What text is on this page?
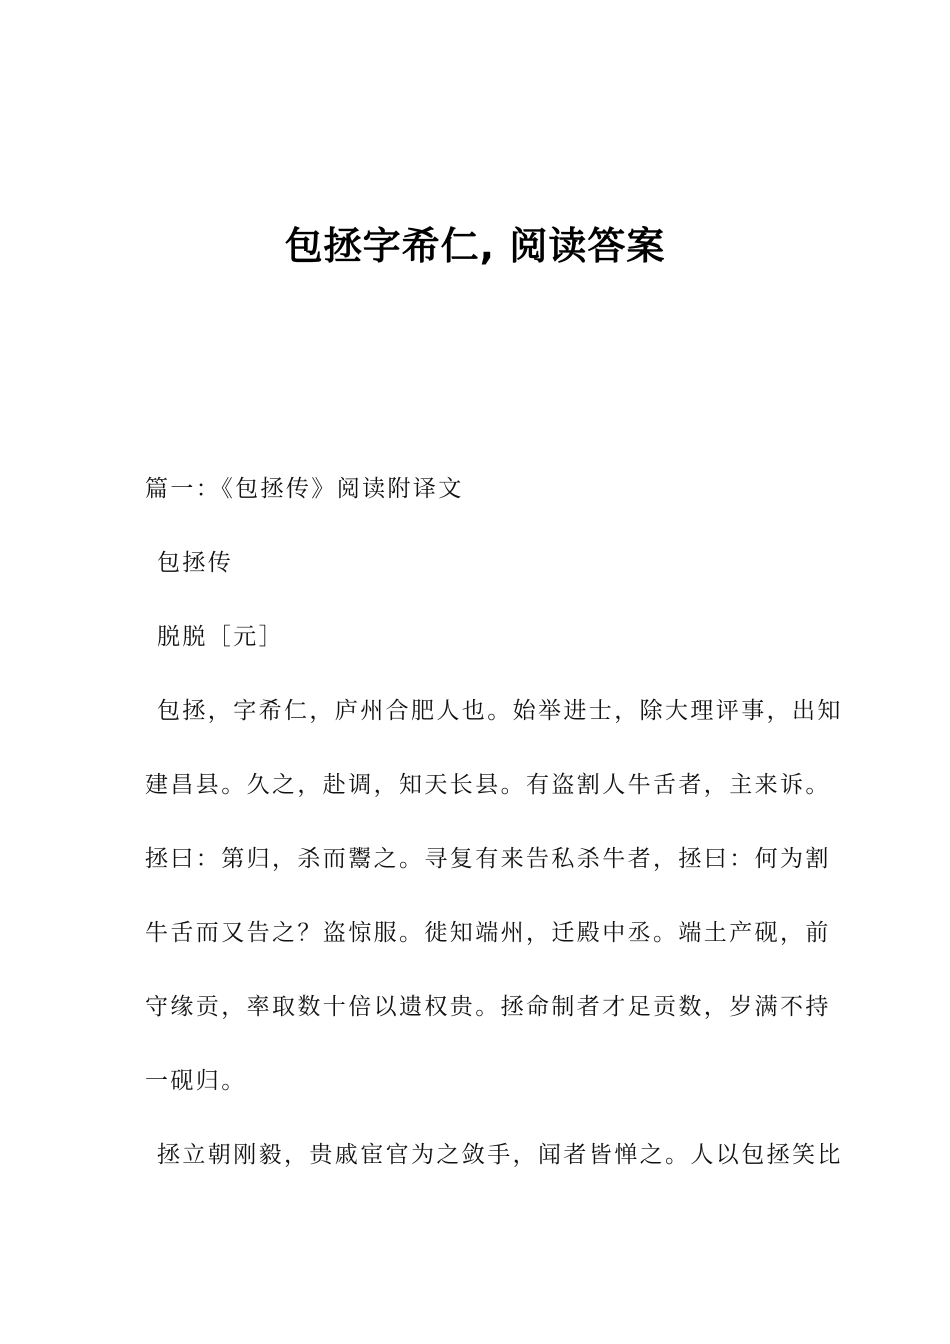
包拯字希仁, 阅读答案
篇一：《包拯传》阅读附译文
包拯传
脱脱［元］
包拯，字希仁，庐州合肥人也。始举进士，除大理评事，出知
建昌县。久之，赴调，知天长县。有盗割人牛舌者，主来诉。
拯曰：第归，杀而鬻之。寻复有来告私杀牛者，拯曰：何为割
牛舌而又告之？盗惊服。徙知端州，迁殿中丞。端土产砚，前
守缘贡，率取数十倍以遗权贵。拯命制者才足贡数，岁满不持
一砚归。
拯立朝刚毅，贵戚宦官为之敛手，闻者皆惮之。人以包拯笑比
